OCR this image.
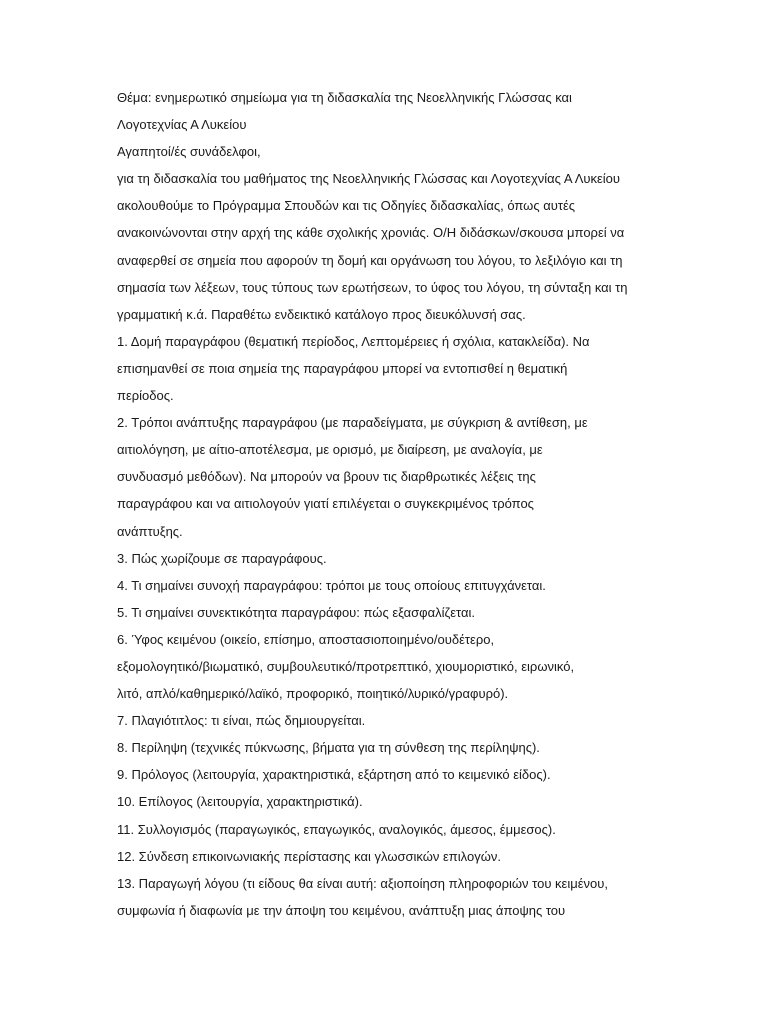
Θέμα: ενημερωτικό σημείωμα για τη διδασκαλία της Νεοελληνικής Γλώσσας και
Λογοτεχνίας Α Λυκείου
Αγαπητοί/ές συνάδελφοι,
για τη διδασκαλία του μαθήματος της Νεοελληνικής Γλώσσας και Λογοτεχνίας Α Λυκείου
ακολουθούμε το Πρόγραμμα Σπουδών και τις Οδηγίες διδασκαλίας, όπως αυτές
ανακοινώνονται στην αρχή της κάθε σχολικής χρονιάς. Ο/Η διδάσκων/σκουσα μπορεί να
αναφερθεί σε σημεία που αφορούν τη δομή και οργάνωση του λόγου, το λεξιλόγιο και τη
σημασία των λέξεων, τους τύπους των ερωτήσεων, το ύφος του λόγου, τη σύνταξη και τη
γραμματική κ.ά. Παραθέτω ενδεικτικό κατάλογο προς διευκόλυνσή σας.
1. Δομή παραγράφου (θεματική περίοδος, Λεπτομέρειες ή σχόλια, κατακλείδα). Να
επισημανθεί σε ποια σημεία της παραγράφου μπορεί να εντοπισθεί η θεματική
περίοδος.
2. Τρόποι ανάπτυξης παραγράφου (με παραδείγματα, με σύγκριση & αντίθεση, με
αιτιολόγηση, με αίτιο-αποτέλεσμα, με ορισμό, με διαίρεση, με αναλογία, με
συνδυασμό μεθόδων). Να μπορούν να βρουν τις διαρθρωτικές λέξεις της
παραγράφου και να αιτιολογούν γιατί επιλέγεται ο συγκεκριμένος τρόπος
ανάπτυξης.
3. Πώς χωρίζουμε σε παραγράφους.
4. Τι σημαίνει συνοχή παραγράφου: τρόποι με τους οποίους επιτυγχάνεται.
5. Τι σημαίνει συνεκτικότητα παραγράφου: πώς εξασφαλίζεται.
6. Ύφος κειμένου (οικείο, επίσημο, αποστασιοποιημένο/ουδέτερο,
εξομολογητικό/βιωματικό, συμβουλευτικό/προτρεπτικό, χιουμοριστικό, ειρωνικό,
λιτό, απλό/καθημερικό/λαϊκό, προφορικό, ποιητικό/λυρικό/γραφυρό).
7. Πλαγιότιτλος: τι είναι, πώς δημιουργείται.
8. Περίληψη (τεχνικές πύκνωσης, βήματα για τη σύνθεση της περίληψης).
9. Πρόλογος (λειτουργία, χαρακτηριστικά, εξάρτηση από το κειμενικό είδος).
10. Επίλογος (λειτουργία, χαρακτηριστικά).
11. Συλλογισμός (παραγωγικός, επαγωγικός, αναλογικός, άμεσος, έμμεσος).
12. Σύνδεση επικοινωνιακής περίστασης και γλωσσικών επιλογών.
13. Παραγωγή λόγου (τι είδους θα είναι αυτή: αξιοποίηση πληροφοριών του κειμένου,
συμφωνία ή διαφωνία με την άποψη του κειμένου, ανάπτυξη μιας άποψης του
